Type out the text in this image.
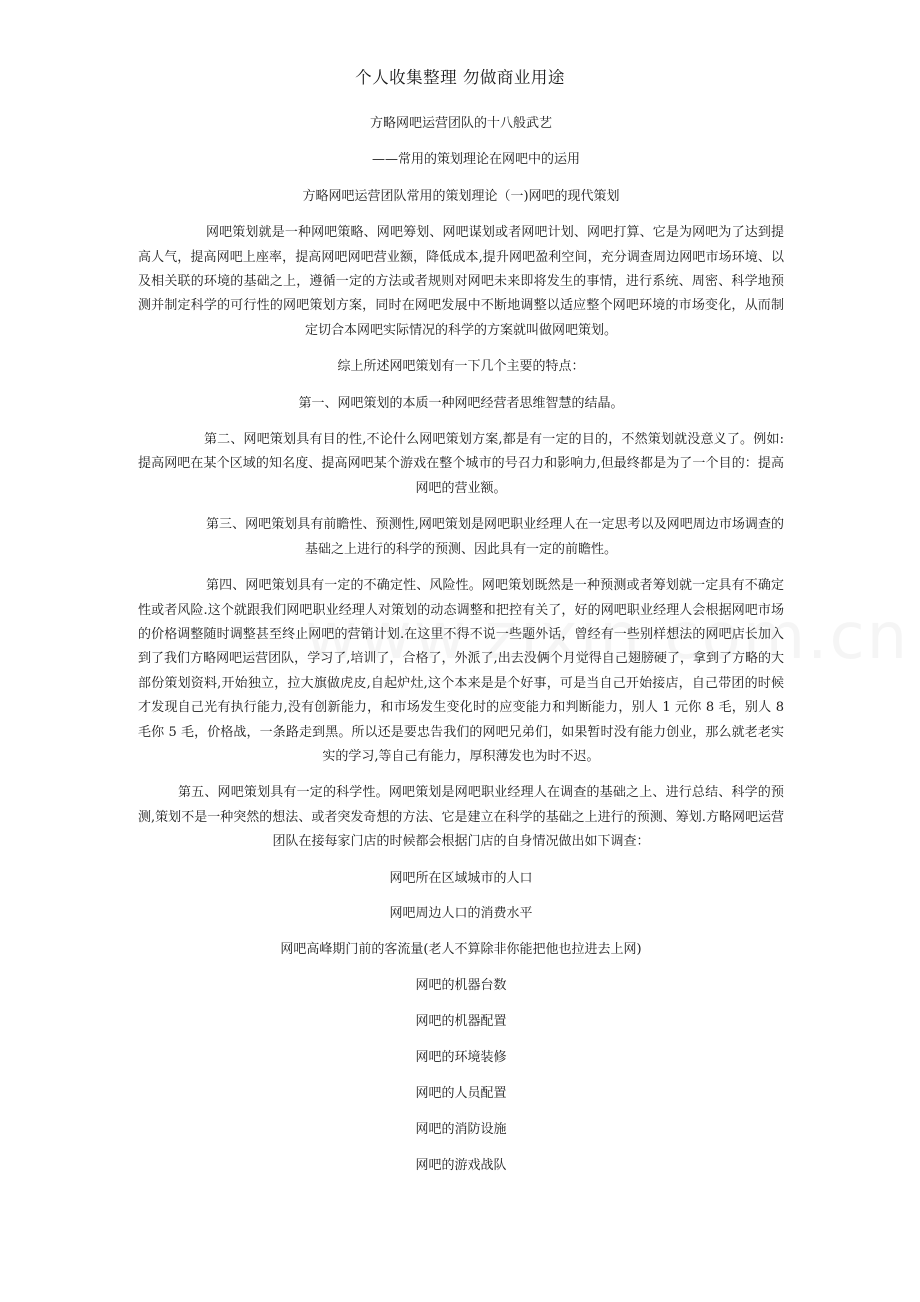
个人收集整理 勿做商业用途

方略网吧运营团队的十八般武艺

——常用的策划理论在网吧中的运用

方略网吧运营团队常用的策划理论（一)网吧的现代策划

网吧策划就是一种网吧策略、网吧筹划、网吧谋划或者网吧计划、网吧打算、它是为网吧为了达到提高人气，提高网吧上座率，提高网吧网吧营业额，降低成本,提升网吧盈利空间，充分调查周边网吧市场环境、以及相关联的环境的基础之上，遵循一定的方法或者规则对网吧未来即将发生的事情，进行系统、周密、科学地预测并制定科学的可行性的网吧策划方案，同时在网吧发展中不断地调整以适应整个网吧环境的市场变化，从而制定切合本网吧实际情况的科学的方案就叫做网吧策划。

综上所述网吧策划有一下几个主要的特点：

第一、网吧策划的本质一种网吧经营者思维智慧的结晶。

第二、网吧策划具有目的性,不论什么网吧策划方案,都是有一定的目的，不然策划就没意义了。例如:提高网吧在某个区域的知名度、提高网吧某个游戏在整个城市的号召力和影响力,但最终都是为了一个目的：提高网吧的营业额。

第三、网吧策划具有前瞻性、预测性,网吧策划是网吧职业经理人在一定思考以及网吧周边市场调查的基础之上进行的科学的预测、因此具有一定的前瞻性。

第四、网吧策划具有一定的不确定性、风险性。网吧策划既然是一种预测或者筹划就一定具有不确定性或者风险.这个就跟我们网吧职业经理人对策划的动态调整和把控有关了，好的网吧职业经理人会根据网吧市场的价格调整随时调整甚至终止网吧的营销计划.在这里不得不说一些题外话，曾经有一些别样想法的网吧店长加入到了我们方略网吧运营团队，学习了,培训了，合格了，外派了,出去没俩个月觉得自己翅膀硬了，拿到了方略的大部份策划资料,开始独立，拉大旗做虎皮,自起炉灶,这个本来是是个好事，可是当自己开始接店，自己带团的时候才发现自己光有执行能力,没有创新能力，和市场发生变化时的应变能力和判断能力，别人 1 元你 8 毛，别人 8 毛你 5 毛，价格战，一条路走到黑。所以还是要忠告我们的网吧兄弟们，如果暂时没有能力创业，那么就老老实实的学习,等自己有能力，厚积薄发也为时不迟。

第五、网吧策划具有一定的科学性。网吧策划是网吧职业经理人在调查的基础之上、进行总结、科学的预测,策划不是一种突然的想法、或者突发奇想的方法、它是建立在科学的基础之上进行的预测、筹划.方略网吧运营团队在接每家门店的时候都会根据门店的自身情况做出如下调查：

网吧所在区域城市的人口

网吧周边人口的消费水平

网吧高峰期门前的客流量(老人不算除非你能把他也拉进去上网)

网吧的机器台数

网吧的机器配置

网吧的环境装修

网吧的人员配置

网吧的消防设施

网吧的游戏战队
